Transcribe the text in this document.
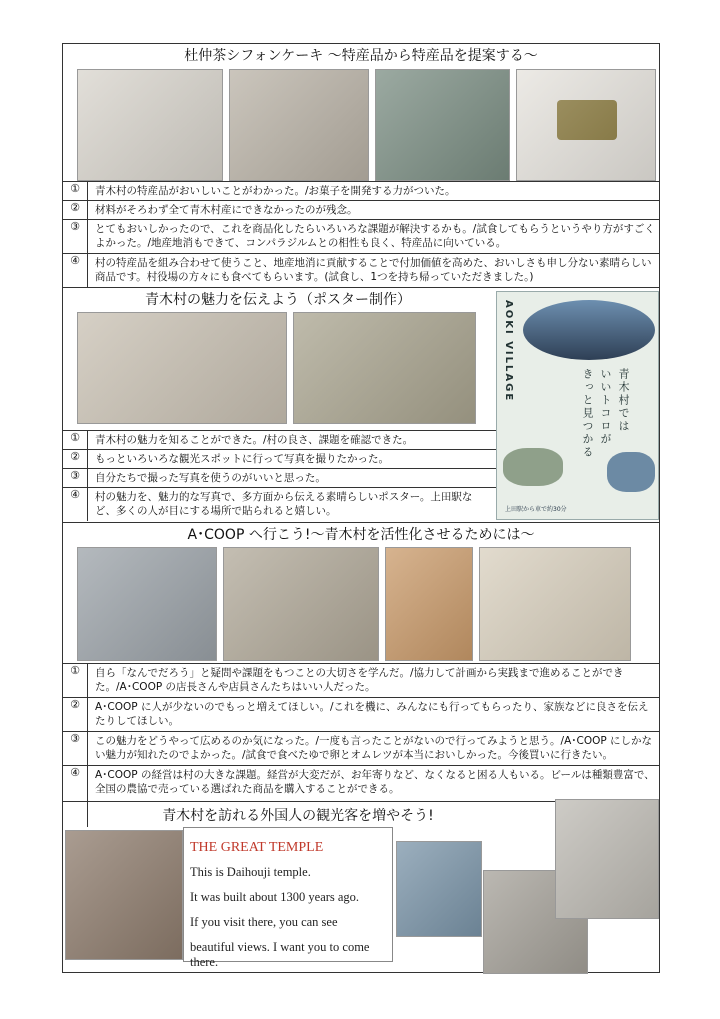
杜仲茶シフォンケーキ ～特産品から特産品を提案する～
①	青木村の特産品がおいしいことがわかった。/お菓子を開発する力がついた。
②	材料がそろわず全て青木村産にできなかったのが残念。
③	とてもおいしかったので、これを商品化したらいろいろな課題が解決するかも。/試食してもらうというやり方がすごくよかった。/地産地消もできて、コンパラジルムとの相性も良く、特産品に向いている。
④	村の特産品を組み合わせて使うこと、地産地消に貢献することで付加価値を高めた、おいしさも申し分ない素晴らしい商品です。村役場の方々にも食べてもらいます。(試食し、1つを持ち帰っていただきました。)
青木村の魅力を伝えよう（ポスター制作）	AOKI VILLAGE	青木村では
いいトコロが
きっと見つかる
上田駅から車で約30分
①	青木村の魅力を知ることができた。/村の良さ、課題を確認できた。
②	もっといろいろな観光スポットに行って写真を撮りたかった。
③	自分たちで撮った写真を使うのがいいと思った。
④	村の魅力を、魅力的な写真で、多方面から伝える素晴らしいポスター。上田駅など、多くの人が目にする場所で貼られると嬉しい。
A･COOP へ行こう!～青木村を活性化させるためには～
①	自ら「なんでだろう」と疑問や課題をもつことの大切さを学んだ。/協力して計画から実践まで進めることができた。/A･COOP の店長さんや店員さんたちはいい人だった。
②	A･COOP に人が少ないのでもっと増えてほしい。/これを機に、みんなにも行ってもらったり、家族などに良さを伝えたりしてほしい。
③	この魅力をどうやって広めるのか気になった。/一度も言ったことがないので行ってみようと思う。/A･COOP にしかない魅力が知れたのでよかった。/試食で食べたゆで卵とオムレツが本当においしかった。今後買いに行きたい。
④	A･COOP の経営は村の大きな課題。経営が大変だが、お年寄りなど、なくなると困る人もいる。ビールは種類豊富で、全国の農協で売っている選ばれた商品を購入することができる。
青木村を訪れる外国人の観光客を増やそう!
THE GREAT TEMPLE
This is Daihouji temple.
It was built about 1300 years ago.
If you visit there, you can see
beautiful views. I want you to come there.
